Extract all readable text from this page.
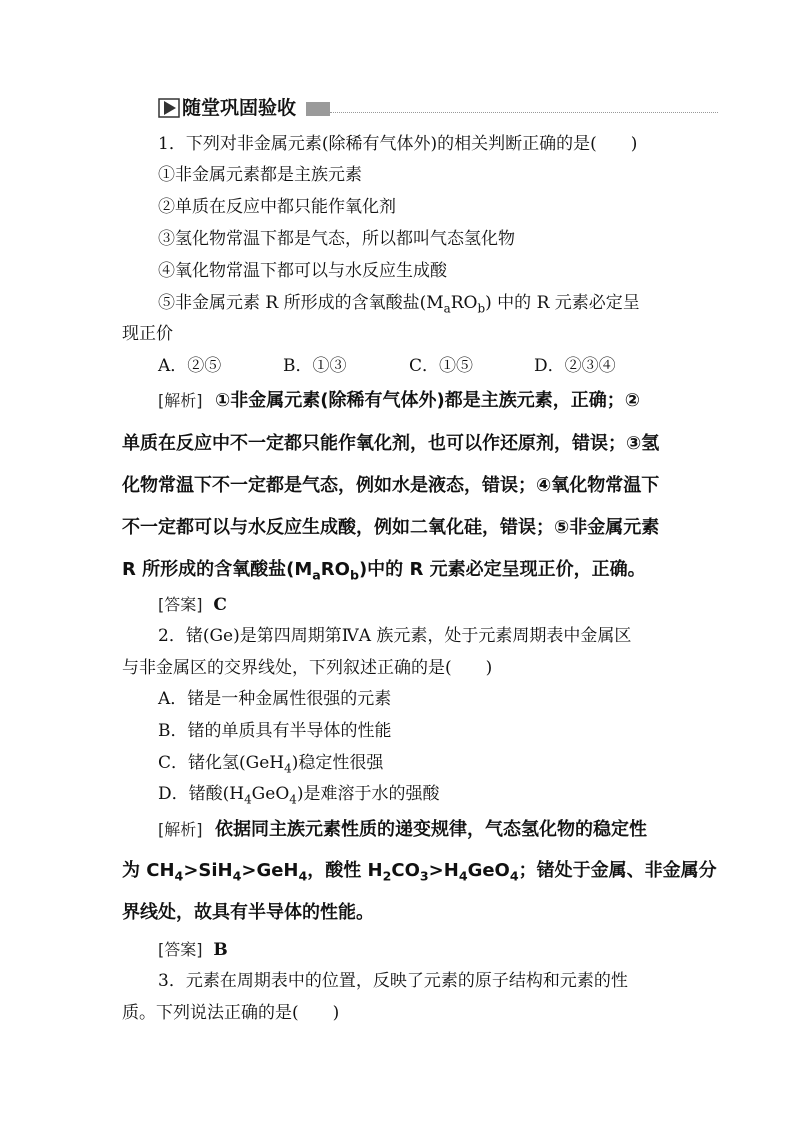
随堂巩固验收
1．下列对非金属元素(除稀有气体外)的相关判断正确的是(　　)
①非金属元素都是主族元素
②单质在反应中都只能作氧化剂
③氢化物常温下都是气态，所以都叫气态氢化物
④氧化物常温下都可以与水反应生成酸
⑤非金属元素 R 所形成的含氧酸盐$(M_aRO_b)$ 中的 R 元素必定呈
现正价
A．②⑤	B．①③	C．①⑤	D．②③④
[解析] ①非金属元素(除稀有气体外)都是主族元素，正确；②
单质在反应中不一定都只能作氧化剂，也可以作还原剂，错误；③氢
化物常温下不一定都是气态，例如水是液态，错误；④氧化物常温下
不一定都可以与水反应生成酸，例如二氧化硅，错误；⑤非金属元素
R 所形成的含氧酸盐$(M_aRO_b)$中的 R 元素必定呈现正价，正确。
[答案] C
2．锗(Ge)是第四周期第ⅣA 族元素，处于元素周期表中金属区
与非金属区的交界线处，下列叙述正确的是(　　)
A．锗是一种金属性很强的元素
B．锗的单质具有半导体的性能
C．锗化氢(GeH$_4$)稳定性很强
D．锗酸$(H_4GeO_4)$是难溶于水的强酸
[解析] 依据同主族元素性质的递变规律，气态氢化物的稳定性
为 $CH_4>SiH_4>GeH_4$，酸性 $H_2CO_3>H_4GeO_4$；锗处于金属、非金属分
界线处，故具有半导体的性能。
[答案] B
3．元素在周期表中的位置，反映了元素的原子结构和元素的性
质。下列说法正确的是(　　)
